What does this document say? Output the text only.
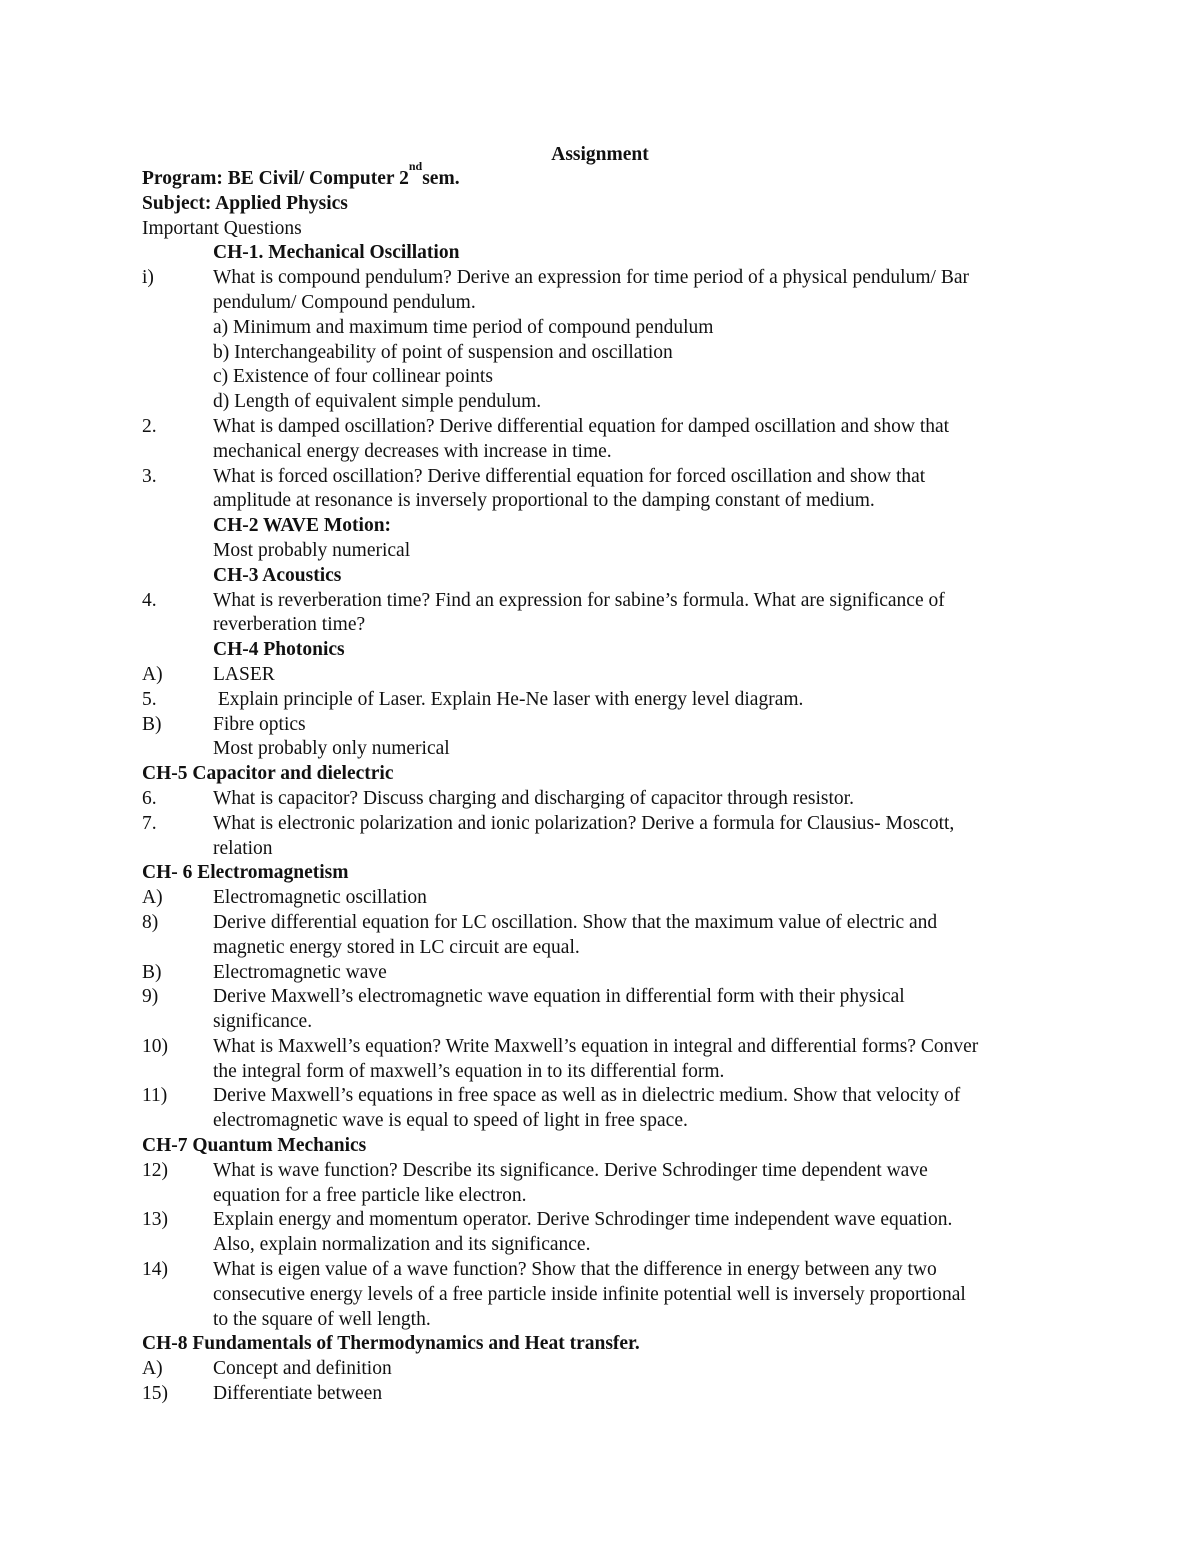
Assignment
Program: BE Civil/ Computer 2
$^{nd}$
sem.
Subject: Applied Physics
Important Questions
CH-1. Mechanical Oscillation
i)	What is compound pendulum? Derive an expression for time period of a physical pendulum/ Bar
pendulum/ Compound pendulum.
a) Minimum and maximum time period of compound pendulum
b) Interchangeability of point of suspension and oscillation
c) Existence of four collinear points
d) Length of equivalent simple pendulum.
2.	What is damped oscillation? Derive differential equation for damped oscillation and show that
mechanical energy decreases with increase in time.
3.	What is forced oscillation? Derive differential equation for forced oscillation and show that
amplitude at resonance is inversely proportional to the damping constant of medium.
CH-2 WAVE Motion:
Most probably numerical
CH-3 Acoustics
4.	What is reverberation time? Find an expression for sabine’s formula. What are significance of
reverberation time?
CH-4 Photonics
A)	LASER
5.	Explain principle of Laser. Explain He-Ne laser with energy level diagram.
B)	Fibre optics
Most probably only numerical
CH-5 Capacitor and dielectric
6.	What is capacitor? Discuss charging and discharging of capacitor through resistor.
7.	What is electronic polarization and ionic polarization? Derive a formula for Clausius- Moscott,
relation
CH- 6 Electromagnetism
A)	Electromagnetic oscillation
8)	Derive differential equation for LC oscillation. Show that the maximum value of electric and
magnetic energy stored in LC circuit are equal.
B)	Electromagnetic wave
9)	Derive Maxwell’s electromagnetic wave equation in differential form with their physical
significance.
10)	What is Maxwell’s equation? Write Maxwell’s equation in integral and differential forms? Conver
the integral form of maxwell’s equation in to its differential form.
11)	Derive Maxwell’s equations in free space as well as in dielectric medium. Show that velocity of
electromagnetic wave is equal to speed of light in free space.
CH-7 Quantum Mechanics
12)	What is wave function? Describe its significance. Derive Schrodinger time dependent wave
equation for a free particle like electron.
13)	Explain energy and momentum operator. Derive Schrodinger time independent wave equation.
Also, explain normalization and its significance.
14)	What is eigen value of a wave function? Show that the difference in energy between any two
consecutive energy levels of a free particle inside infinite potential well is inversely proportional
to the square of well length.
CH-8 Fundamentals of Thermodynamics and Heat transfer.
A)	Concept and definition
15)	Differentiate between
